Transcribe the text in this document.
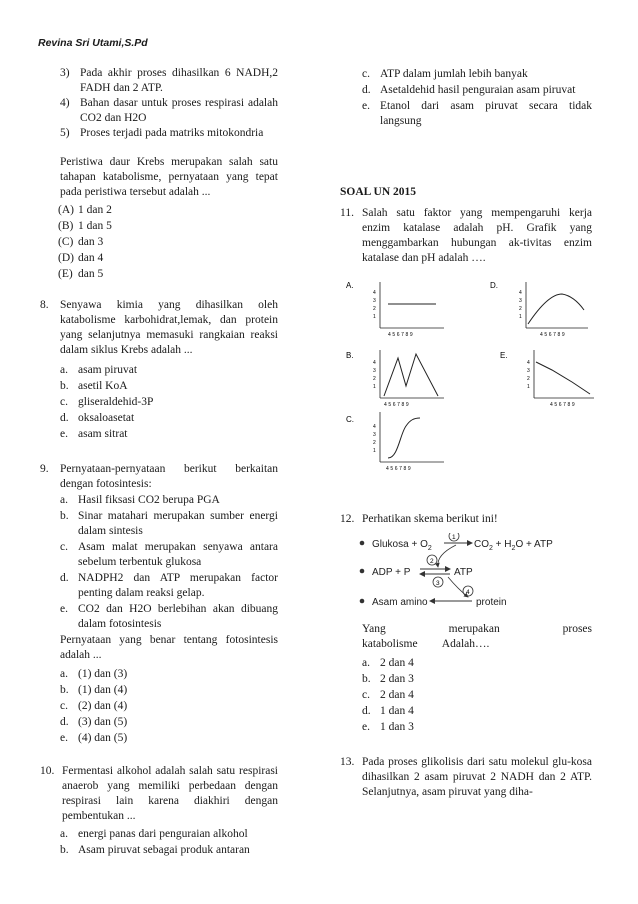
Revina Sri Utami,S.Pd
3) Pada akhir proses dihasilkan 6 NADH,2 FADH dan 2 ATP.
4) Bahan dasar untuk proses respirasi adalah CO2 dan H2O
5) Proses terjadi pada matriks mitokondria
Peristiwa daur Krebs merupakan salah satu tahapan katabolisme, pernyataan yang tepat pada peristiwa tersebut adalah ...
(A) 1 dan 2
(B) 1 dan 5
(C) dan 3
(D) dan 4
(E) dan 5
8. Senyawa kimia yang dihasilkan oleh katabolisme karbohidrat,lemak, dan protein yang selanjutnya memasuki rangkaian reaksi dalam siklus Krebs adalah ...
a. asam piruvat
b. asetil KoA
c. gliseraldehid-3P
d. oksaloasetat
e. asam sitrat
9. Pernyataan-pernyataan berikut berkaitan dengan fotosintesis:
a. Hasil fiksasi CO2 berupa PGA
b. Sinar matahari merupakan sumber energi dalam sintesis
c. Asam malat merupakan senyawa antara sebelum terbentuk glukosa
d. NADPH2 dan ATP merupakan factor penting dalam reaksi gelap.
e. CO2 dan H2O berlebihan akan dibuang dalam fotosintesis
Pernyataan yang benar tentang fotosintesis adalah ...
a. (1) dan (3)
b. (1) dan (4)
c. (2) dan (4)
d. (3) dan (5)
e. (4) dan (5)
10. Fermentasi alkohol adalah salah satu respirasi anaerob yang memiliki perbedaan dengan respirasi lain karena diakhiri dengan pembentukan ...
a. energi panas dari penguraian alkohol
b. Asam piruvat sebagai produk antaran
c. ATP dalam jumlah lebih banyak
d. Asetaldehid hasil penguraian asam piruvat
e. Etanol dari asam piruvat secara tidak langsung
SOAL UN 2015
11. Salah satu faktor yang mempengaruhi kerja enzim katalase adalah pH. Grafik yang menggambarkan hubungan ak-tivitas enzim katalase dan pH adalah ….
A.
4
3
2
1
456789
D.
4
3
2
1
456789
B.
4
3
2
1
456789
E.
4
3
2
1
456789
C.
4
3
2
1
456789
12. Perhatikan skema berikut ini!
Glukosa + $O_2$
1
$CO_2 + H_2O$ + ATP
ADP + P
2
3
ATP
Asam amino
4
protein
Yang merupakan proses katabolisme Adalah….
a. 2 dan 4
b. 2 dan 3
c. 2 dan 4
d. 1 dan 4
e. 1 dan 3
13. Pada proses glikolisis dari satu molekul glu-kosa dihasilkan 2 asam piruvat 2 NADH dan 2 ATP. Selanjutnya, asam piruvat yang diha-
